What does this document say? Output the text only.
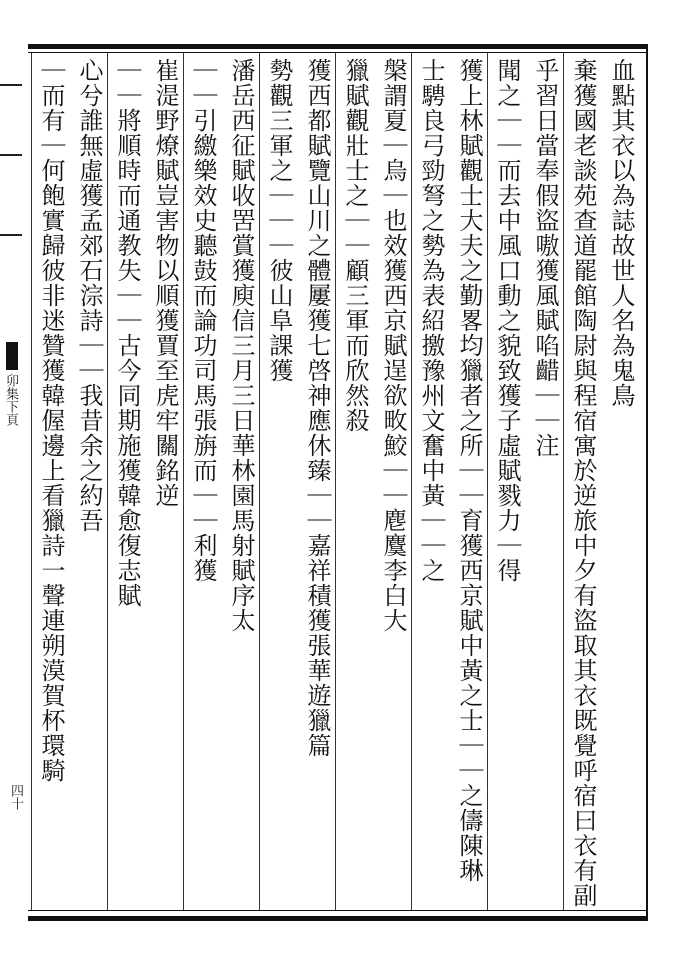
卯集下頁
四十
血點其衣以為誌故世人名為鬼鳥
棄獲國老談苑查道罷館陶尉與程宿寓於逆旅中夕有盜取其衣既覺呼宿曰衣有副
乎習日當奉假盜嗷獲風賦啗齰｜｜注
聞之｜｜而去中風口動之貌致獲子虛賦戮力｜得
獲上林賦觀士大夫之勤畧均獵者之所｜｜育獲西京賦中黃之士｜｜之儔陳琳
士騁良弓勁弩之勢為表紹撽豫州文奮中黃｜｜之
槃謂夏｜烏｜也效獲西京賦逞欲畋鮫｜｜麀麌李白大
獵賦觀壯士之｜｜顧三軍而欣然殺
獲西都賦覽山川之體屢獲七啓神應休臻｜｜嘉祥積獲張華遊獵篇
勢觀三軍之｜｜｜彼山阜課獲
潘岳西征賦收罟賞獲庾信三月三日華林園馬射賦序太
｜｜引繳樂效史聽鼓而論功司馬張旃而｜｜利獲
崔湜野燎賦豈害物以順獲賈至虎牢關銘逆
｜｜將順時而通教失｜｜古今同期施獲韓愈復志賦
心兮誰無虛獲孟郊石淙詩｜｜我昔余之約吾
｜而有｜何飽實歸彼非迷贊獲韓偓邊上看獵詩一聲連朔漠賀杯環騎
